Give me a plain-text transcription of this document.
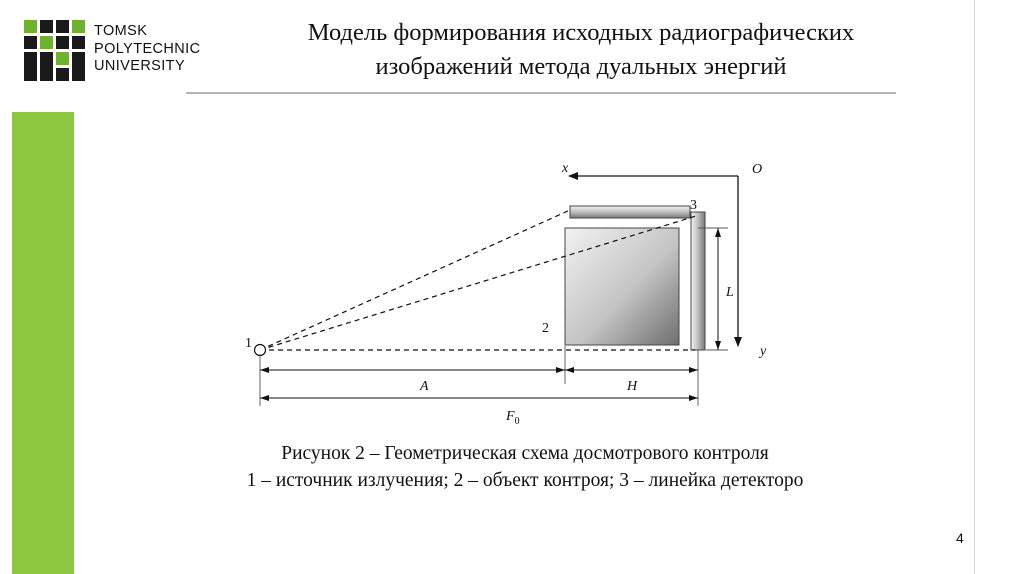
TOMSK
POLYTECHNIC
UNIVERSITY
Модель формирования исходных радиографических
изображений метода дуальных энергий
x	O
y
1
2
3
L
A	H
$F_0$
Рисунок 2 – Геометрическая схема досмотрового контроля
1 – источник излучения; 2 – объект контроя; 3 – линейка детекторо
4
